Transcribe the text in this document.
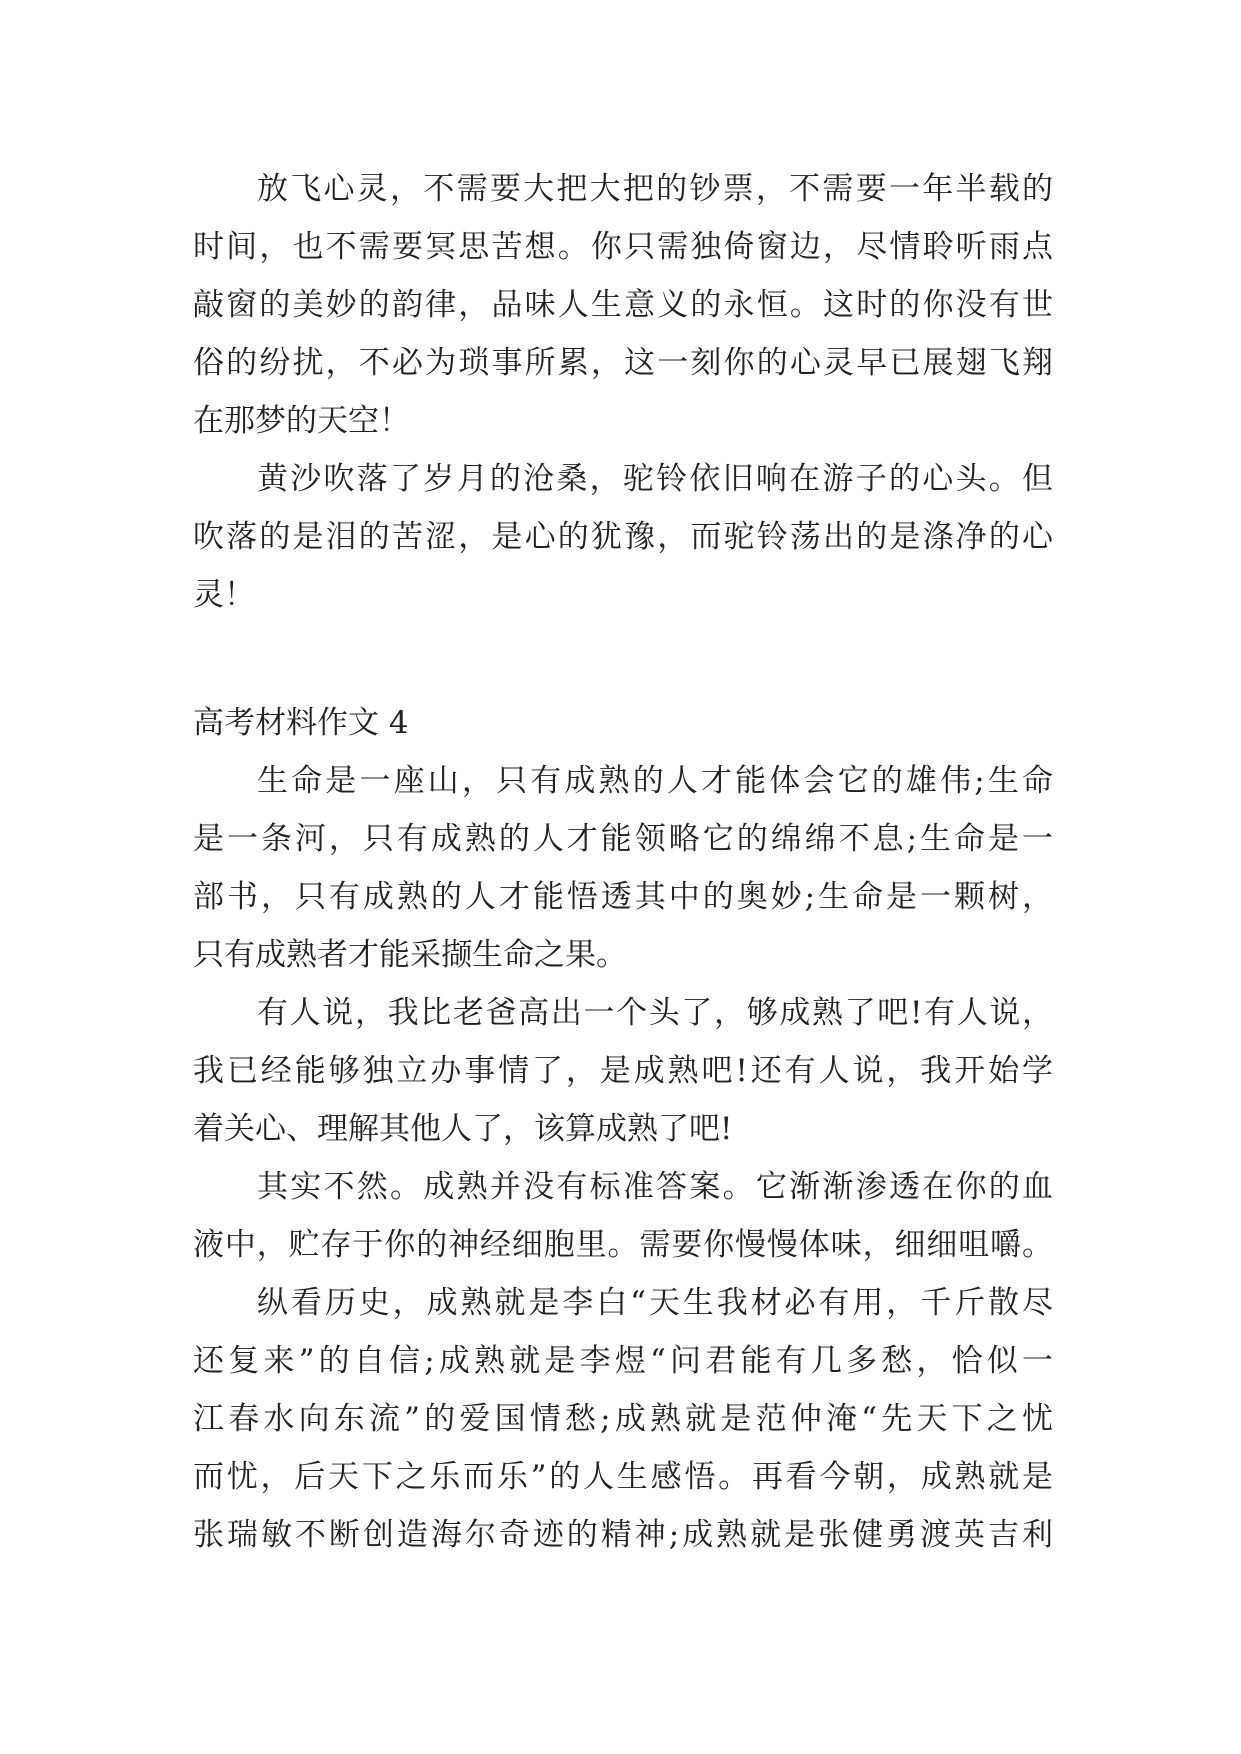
放飞心灵，不需要大把大把的钞票，不需要一年半载的
时间，也不需要冥思苦想。你只需独倚窗边，尽情聆听雨点
敲窗的美妙的韵律，品味人生意义的永恒。这时的你没有世
俗的纷扰，不必为琐事所累，这一刻你的心灵早已展翅飞翔
在那梦的天空！
黄沙吹落了岁月的沧桑，驼铃依旧响在游子的心头。但
吹落的是泪的苦涩，是心的犹豫，而驼铃荡出的是涤净的心
灵！
高考材料作文 4
生命是一座山，只有成熟的人才能体会它的雄伟;生命
是一条河，只有成熟的人才能领略它的绵绵不息;生命是一
部书，只有成熟的人才能悟透其中的奥妙;生命是一颗树，
只有成熟者才能采撷生命之果。
有人说，我比老爸高出一个头了，够成熟了吧!有人说，
我已经能够独立办事情了，是成熟吧!还有人说，我开始学
着关心、理解其他人了，该算成熟了吧!
其实不然。成熟并没有标准答案。它渐渐渗透在你的血
液中，贮存于你的神经细胞里。需要你慢慢体味，细细咀嚼。
纵看历史，成熟就是李白“天生我材必有用，千斤散尽
还复来”的自信;成熟就是李煜“问君能有几多愁，恰似一
江春水向东流”的爱国情愁;成熟就是范仲淹“先天下之忧
而忧，后天下之乐而乐”的人生感悟。再看今朝，成熟就是
张瑞敏不断创造海尔奇迹的精神;成熟就是张健勇渡英吉利
